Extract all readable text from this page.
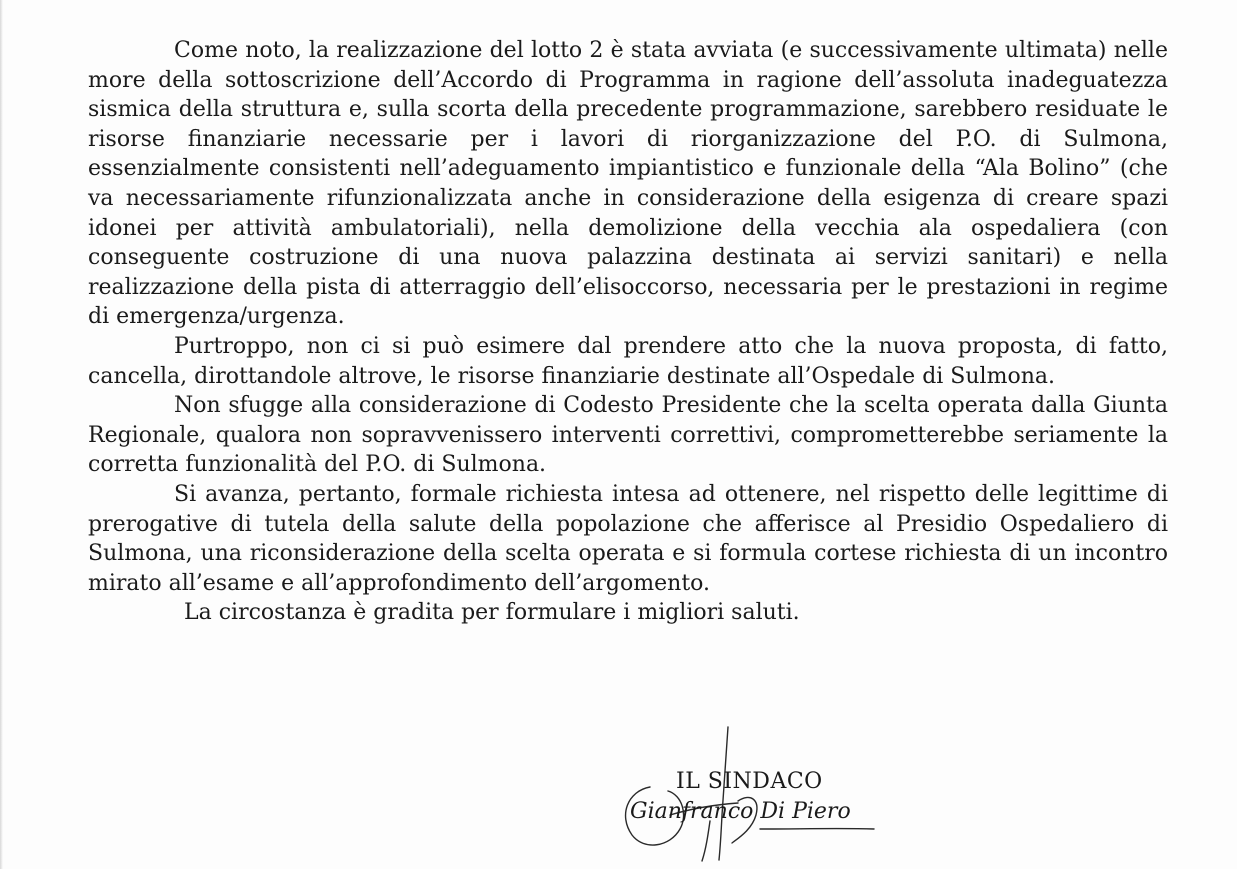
Come noto, la realizzazione del lotto 2 è stata avviata (e successivamente ultimata) nelle more della sottoscrizione dell’Accordo di Programma in ragione dell’assoluta inadeguatezza sismica della struttura e, sulla scorta della precedente programmazione, sarebbero residuate le risorse finanziarie necessarie per i lavori di riorganizzazione del P.O. di Sulmona, essenzialmente consistenti nell’adeguamento impiantistico e funzionale della “Ala Bolino” (che va necessariamente rifunzionalizzata anche in considerazione della esigenza di creare spazi idonei per attività ambulatoriali), nella demolizione della vecchia ala ospedaliera (con conseguente costruzione di una nuova palazzina destinata ai servizi sanitari) e nella realizzazione della pista di atterraggio dell’elisoccorso, necessaria per le prestazioni in regime di emergenza/urgenza.

Purtroppo, non ci si può esimere dal prendere atto che la nuova proposta, di fatto, cancella, dirottandole altrove, le risorse finanziarie destinate all’Ospedale di Sulmona.

Non sfugge alla considerazione di Codesto Presidente che la scelta operata dalla Giunta Regionale, qualora non sopravvenissero interventi correttivi, comprometterebbe seriamente la corretta funzionalità del P.O. di Sulmona.

Si avanza, pertanto, formale richiesta intesa ad ottenere, nel rispetto delle legittime di prerogative di tutela della salute della popolazione che afferisce al Presidio Ospedaliero di Sulmona, una riconsiderazione della scelta operata e si formula cortese richiesta di un incontro mirato all’esame e all’approfondimento dell’argomento.

La circostanza è gradita per formulare i migliori saluti.

IL SINDACO
Gianfranco Di Piero
